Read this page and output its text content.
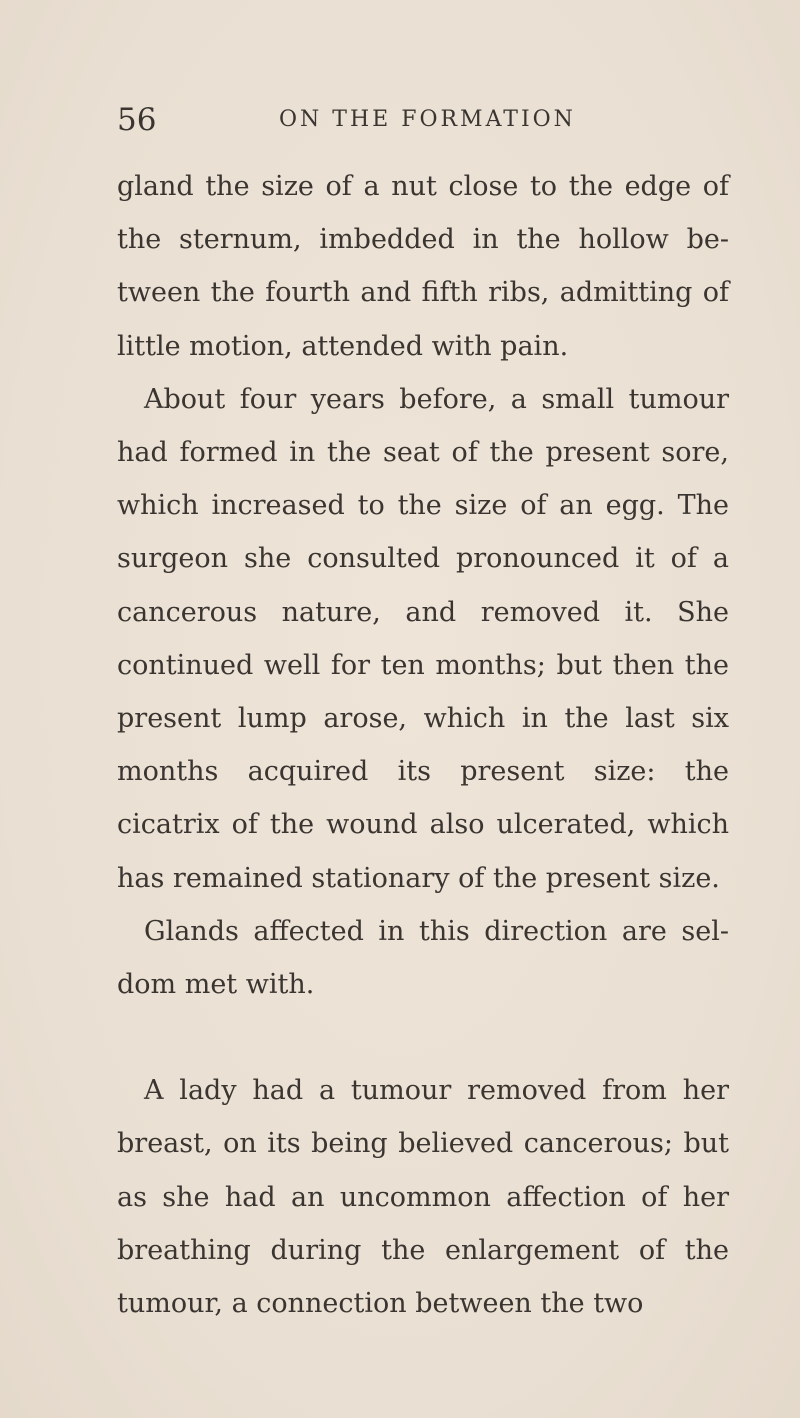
56	ON THE FORMATION

gland the size of a nut close to the edge of the sternum, imbedded in the hollow be-tween the fourth and fifth ribs, admitting of little motion, attended with pain.

About four years before, a small tumour had formed in the seat of the present sore, which increased to the size of an egg. The surgeon she consulted pronounced it of a cancerous nature, and removed it. She continued well for ten months; but then the present lump arose, which in the last six months acquired its present size: the cicatrix of the wound also ulcerated, which has remained stationary of the present size.

Glands affected in this direction are sel-dom met with.

A lady had a tumour removed from her breast, on its being believed cancerous; but as she had an uncommon affection of her breathing during the enlargement of the tumour, a connection between the two
